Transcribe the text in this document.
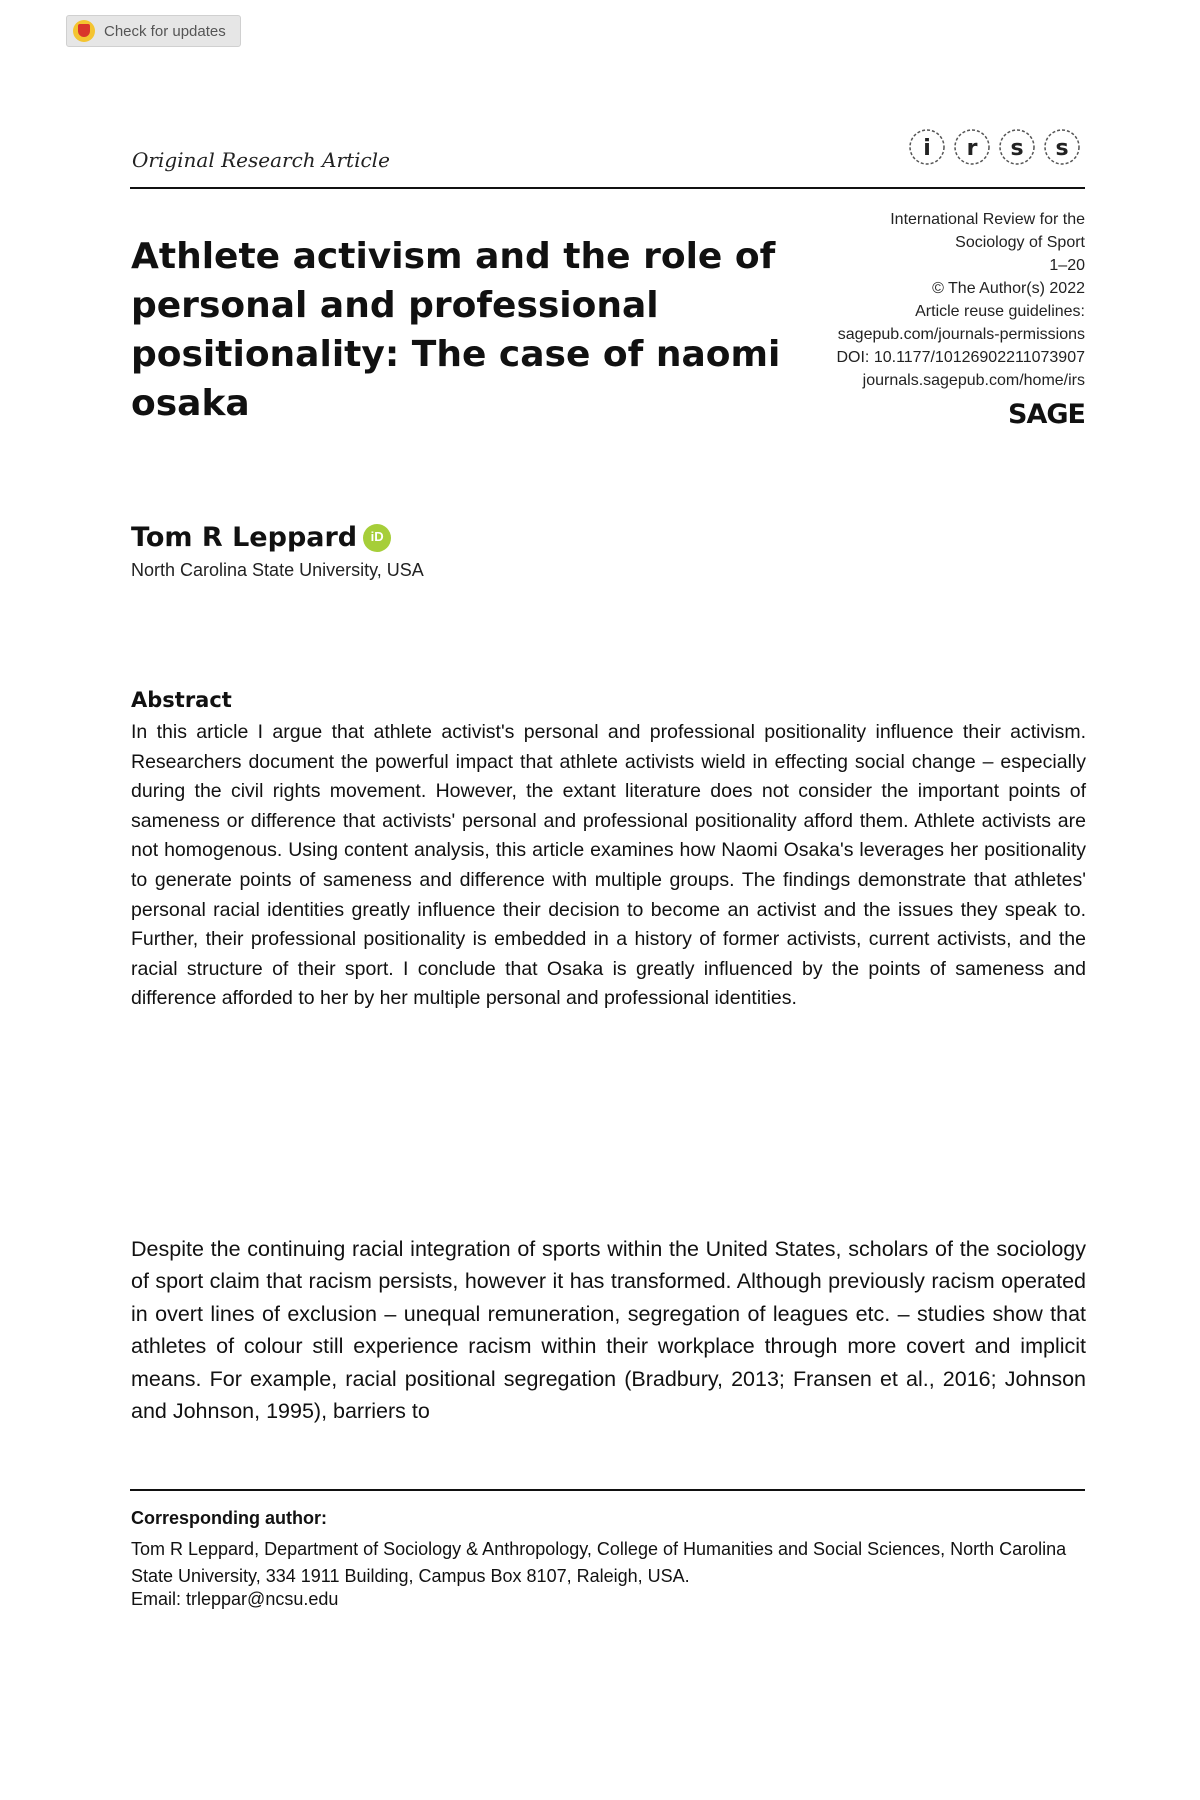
Check for updates
Original Research Article	i r s s
Athlete activism and the role of personal and professional positionality: The case of naomi osaka
International Review for the
Sociology of Sport
1–20
© The Author(s) 2022
Article reuse guidelines:
sagepub.com/journals-permissions
DOI: 10.1177/10126902211073907
journals.sagepub.com/home/irs
SAGE
Tom R Leppard
iD
North Carolina State University, USA
Abstract

In this article I argue that athlete activist's personal and professional positionality influence their activism. Researchers document the powerful impact that athlete activists wield in effecting social change – especially during the civil rights movement. However, the extant literature does not consider the important points of sameness or difference that activists' personal and professional positionality afford them. Athlete activists are not homogenous. Using content analysis, this article examines how Naomi Osaka's leverages her positionality to generate points of sameness and difference with multiple groups. The findings demonstrate that athletes' personal racial identities greatly influence their decision to become an activist and the issues they speak to. Further, their professional positionality is embedded in a history of former activists, current activists, and the racial structure of their sport. I conclude that Osaka is greatly influenced by the points of sameness and difference afforded to her by her multiple personal and professional identities.

Despite the continuing racial integration of sports within the United States, scholars of the sociology of sport claim that racism persists, however it has transformed. Although previously racism operated in overt lines of exclusion – unequal remuneration, segregation of leagues etc. – studies show that athletes of colour still experience racism within their workplace through more covert and implicit means. For example, racial positional segregation (Bradbury, 2013; Fransen et al., 2016; Johnson and Johnson, 1995), barriers to

Corresponding author:

Tom R Leppard, Department of Sociology & Anthropology, College of Humanities and Social Sciences, North Carolina State University, 334 1911 Building, Campus Box 8107, Raleigh, USA.

Email: trleppar@ncsu.edu
